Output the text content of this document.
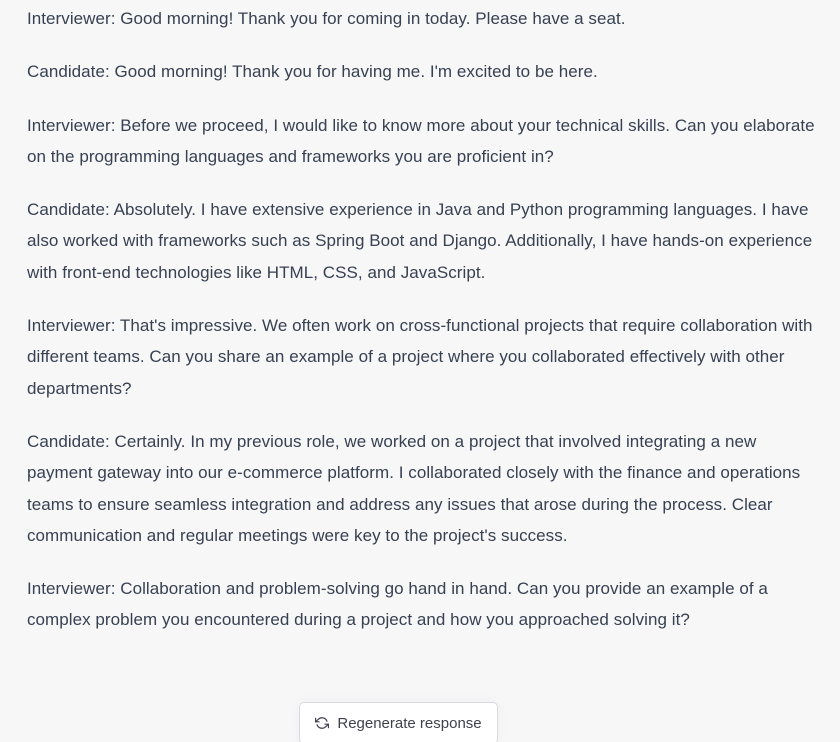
Interviewer: Good morning! Thank you for coming in today. Please have a seat.

Candidate: Good morning! Thank you for having me. I'm excited to be here.

Interviewer: Before we proceed, I would like to know more about your technical skills. Can you elaborate on the programming languages and frameworks you are proficient in?

Candidate: Absolutely. I have extensive experience in Java and Python programming languages. I have also worked with frameworks such as Spring Boot and Django. Additionally, I have hands-on experience with front-end technologies like HTML, CSS, and JavaScript.

Interviewer: That's impressive. We often work on cross-functional projects that require collaboration with different teams. Can you share an example of a project where you collaborated effectively with other departments?

Candidate: Certainly. In my previous role, we worked on a project that involved integrating a new payment gateway into our e-commerce platform. I collaborated closely with the finance and operations teams to ensure seamless integration and address any issues that arose during the process. Clear communication and regular meetings were key to the project's success.

Interviewer: Collaboration and problem-solving go hand in hand. Can you provide an example of a complex problem you encountered during a project and how you approached solving it?

Regenerate response
